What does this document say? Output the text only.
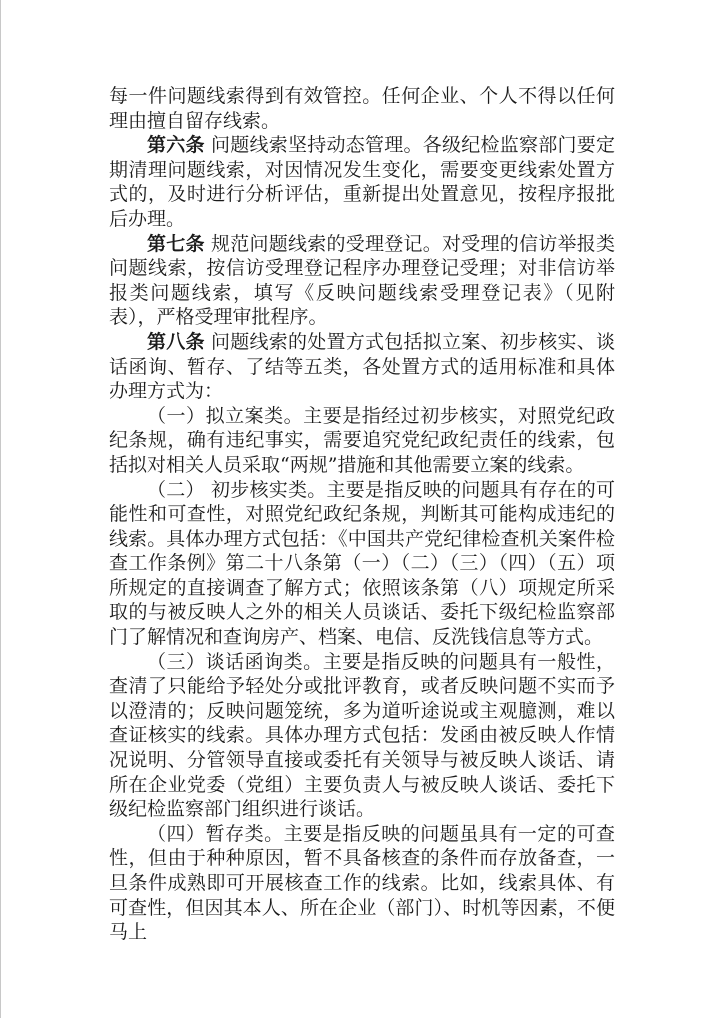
每一件问题线索得到有效管控。任何企业、个人不得以任何理由擅自留存线索。

第六条 问题线索坚持动态管理。各级纪检监察部门要定期清理问题线索，对因情况发生变化，需要变更线索处置方式的，及时进行分析评估，重新提出处置意见，按程序报批后办理。

第七条 规范问题线索的受理登记。对受理的信访举报类问题线索，按信访受理登记程序办理登记受理；对非信访举报类问题线索，填写《反映问题线索受理登记表》（见附表），严格受理审批程序。

第八条 问题线索的处置方式包括拟立案、初步核实、谈话函询、暂存、了结等五类，各处置方式的适用标准和具体办理方式为：

（一）拟立案类。主要是指经过初步核实，对照党纪政纪条规，确有违纪事实，需要追究党纪政纪责任的线索，包括拟对相关人员采取“两规”措施和其他需要立案的线索。

（二） 初步核实类。主要是指反映的问题具有存在的可能性和可查性，对照党纪政纪条规，判断其可能构成违纪的线索。具体办理方式包括：《中国共产党纪律检查机关案件检查工作条例》第二十八条第（一）（二）（三）（四）（五）项所规定的直接调查了解方式；依照该条第（八）项规定所采取的与被反映人之外的相关人员谈话、委托下级纪检监察部门了解情况和查询房产、档案、电信、反洗钱信息等方式。

（三）谈话函询类。主要是指反映的问题具有一般性，查清了只能给予轻处分或批评教育，或者反映问题不实而予以澄清的；反映问题笼统，多为道听途说或主观臆测，难以查证核实的线索。具体办理方式包括：发函由被反映人作情况说明、分管领导直接或委托有关领导与被反映人谈话、请所在企业党委（党组）主要负责人与被反映人谈话、委托下级纪检监察部门组织进行谈话。

（四）暂存类。主要是指反映的问题虽具有一定的可查性，但由于种种原因，暂不具备核查的条件而存放备查，一旦条件成熟即可开展核查工作的线索。比如，线索具体、有可查性，但因其本人、所在企业（部门）、时机等因素，不便马上
